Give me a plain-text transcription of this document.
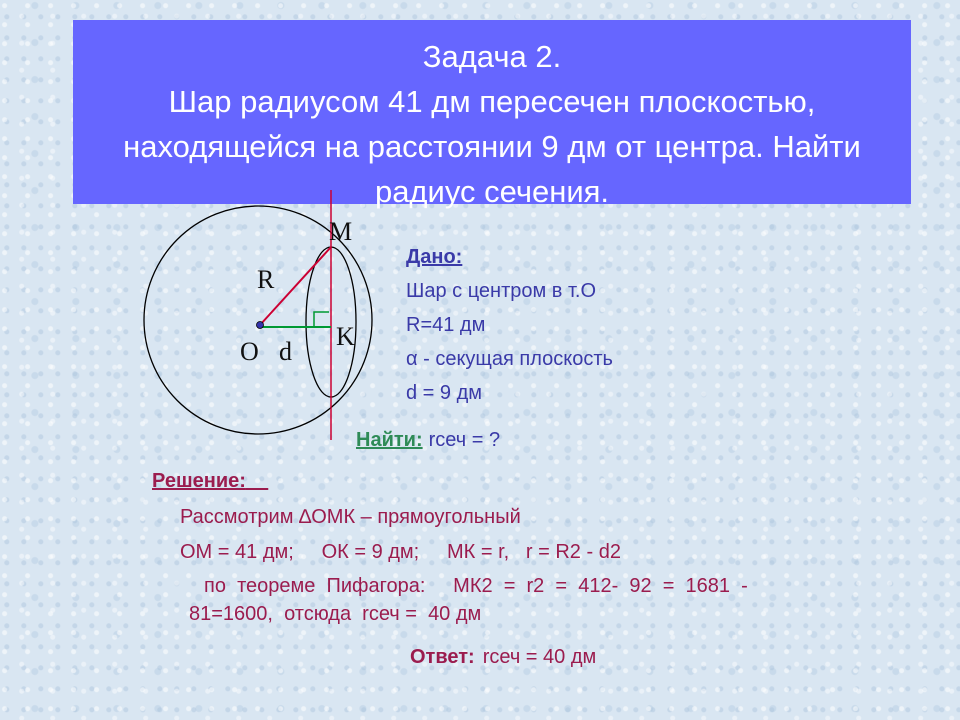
Задача 2.
Шар радиусом 41 дм пересечен плоскостью,
находящейся на расстоянии 9 дм от центра. Найти
радиус сечения.
M
R
O d
K
Дано:
Шар с центром в т.О
R=41 дм
α - секущая плоскость
d = 9 дм
Найти: rсеч = ?
Решение:
Рассмотрим ∆ОМК – прямоугольный
ОМ = 41 дм;     ОК = 9 дм;     МК = r,   r = R2 - d2
по  теореме  Пифагора:     МК2  =  r2  =  412-  92  =  1681  -
81=1600,  отсюда  rсеч =  40 дм
Ответ: rсеч = 40 дм
